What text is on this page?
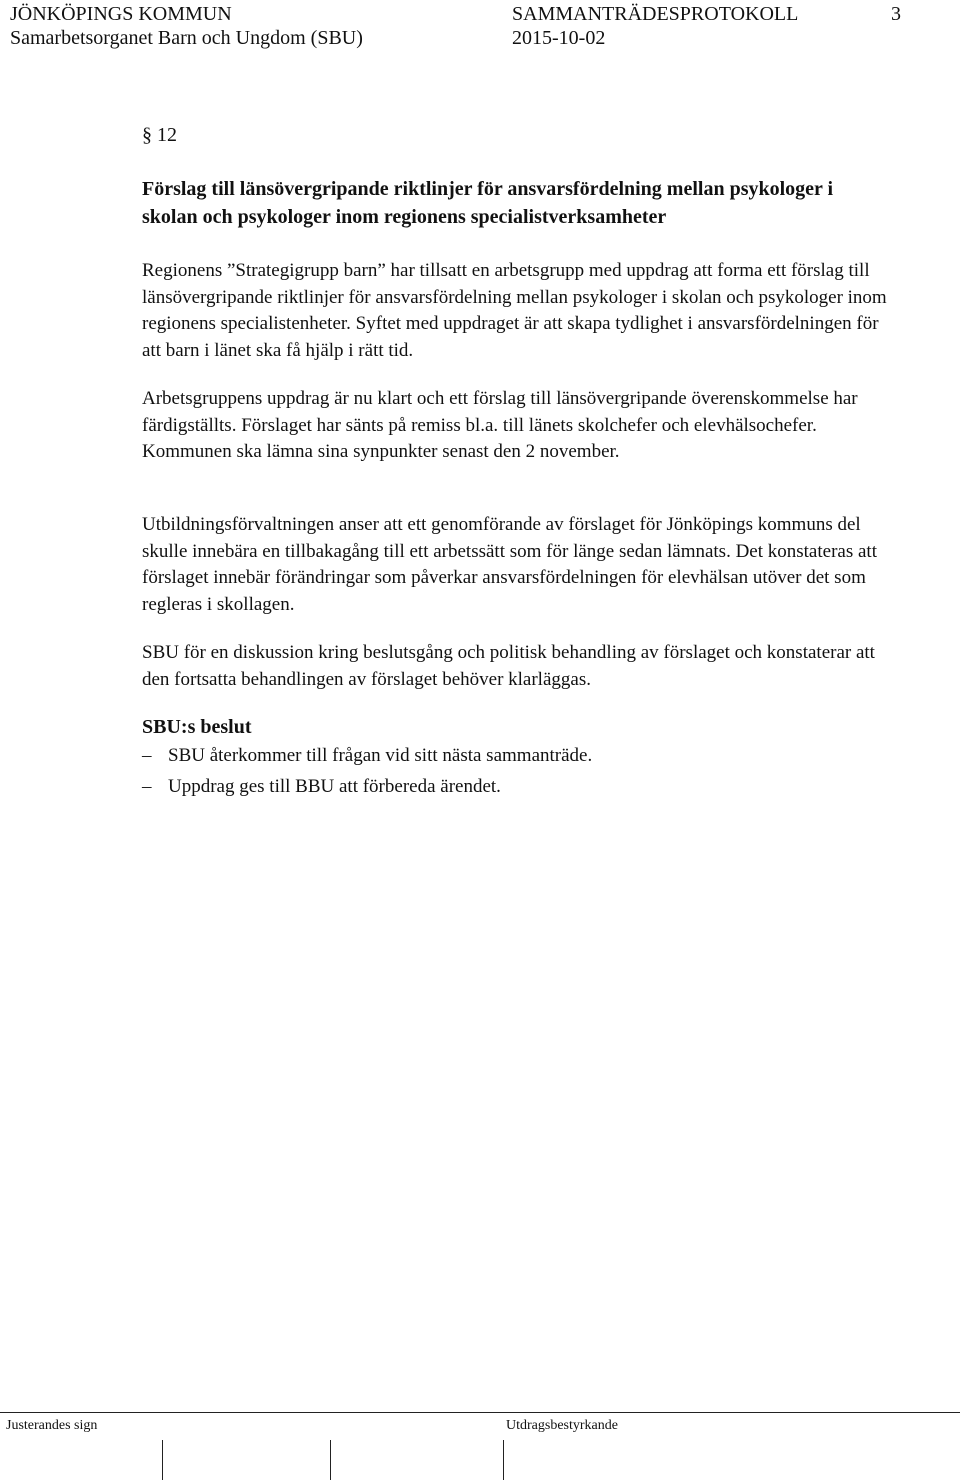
JÖNKÖPINGS KOMMUN	SAMMANTRÄDESPROTOKOLL	3
Samarbetsorganet Barn och Ungdom (SBU)	2015-10-02
§ 12
Förslag till länsövergripande riktlinjer för ansvarsfördelning mellan psykologer i skolan och psykologer inom regionens specialistverksamheter

Regionens ”Strategigrupp barn” har tillsatt en arbetsgrupp med uppdrag att forma ett förslag till länsövergripande riktlinjer för ansvarsfördelning mellan psykologer i skolan och psykologer inom regionens specialistenheter. Syftet med uppdraget är att skapa tydlighet i ansvarsfördelningen för att barn i länet ska få hjälp i rätt tid.

Arbetsgruppens uppdrag är nu klart och ett förslag till länsövergripande överenskommelse har färdigställts. Förslaget har sänts på remiss bl.a. till länets skolchefer och elevhälsochefer. Kommunen ska lämna sina synpunkter senast den 2 november.

Utbildningsförvaltningen anser att ett genomförande av förslaget för Jönköpings kommuns del skulle innebära en tillbakagång till ett arbetssätt som för länge sedan lämnats. Det konstateras att förslaget innebär förändringar som påverkar ansvarsfördelningen för elevhälsan utöver det som regleras i skollagen.

SBU för en diskussion kring beslutsgång och politisk behandling av förslaget och konstaterar att den fortsatta behandlingen av förslaget behöver klarläggas.

SBU:s beslut
– SBU återkommer till frågan vid sitt nästa sammanträde.
– Uppdrag ges till BBU att förbereda ärendet.
Justerandes sign	Utdragsbestyrkande
